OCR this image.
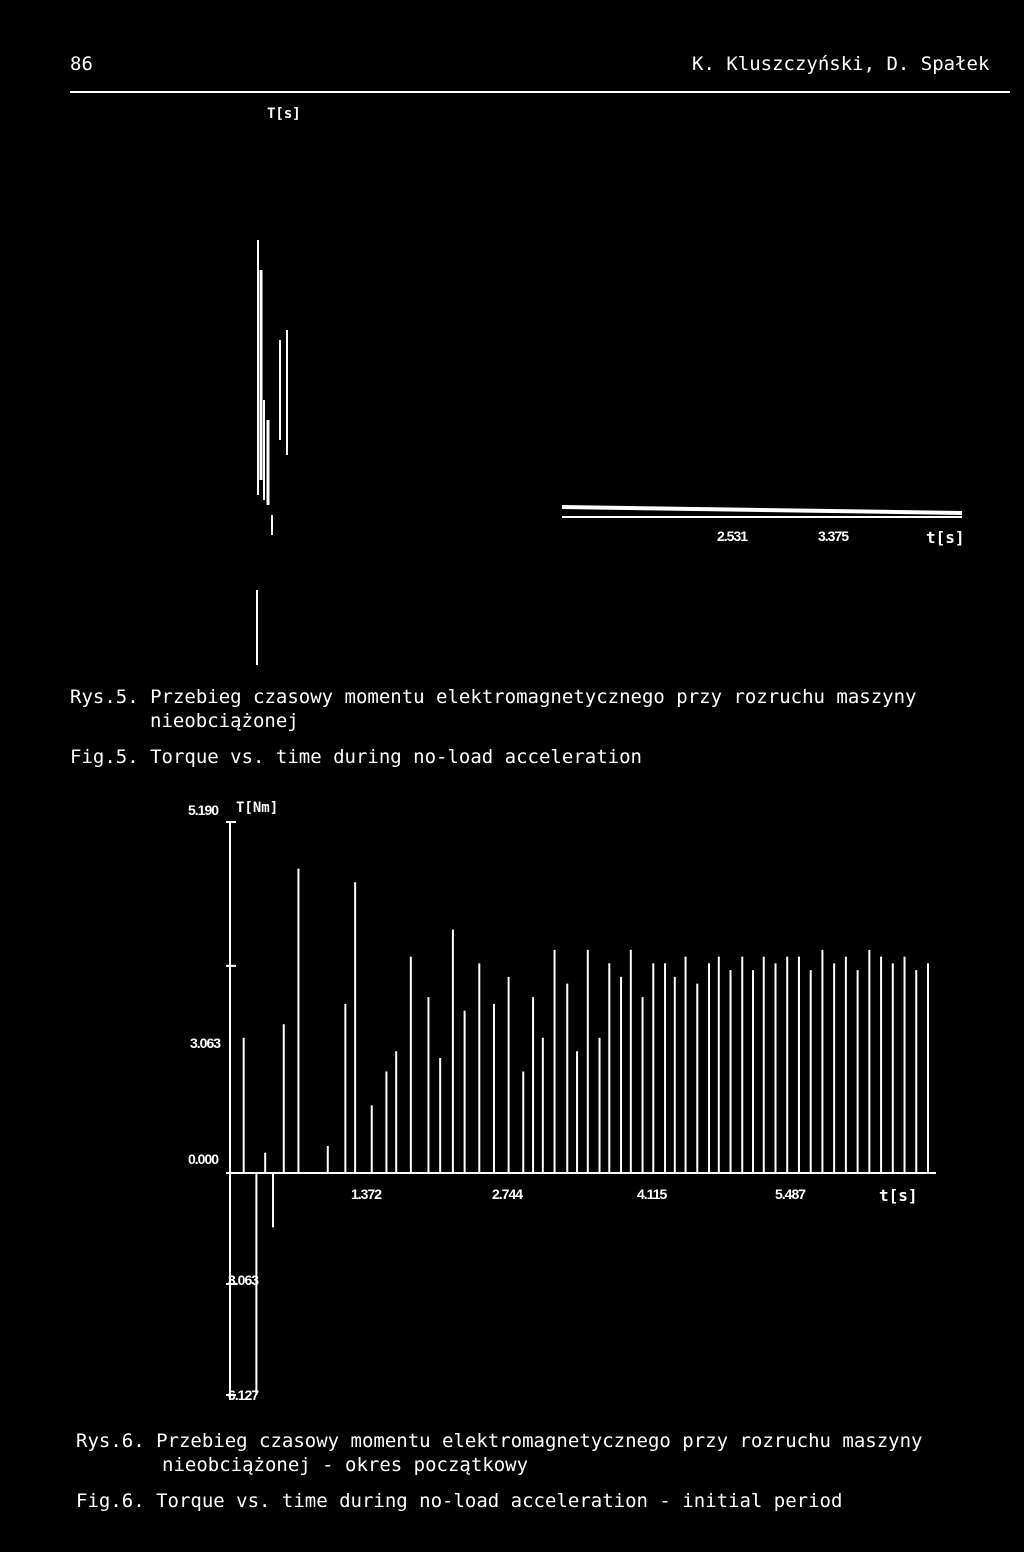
86	K. Kluszczyński, D. Spałek
T[s]
2.531	3.375	t[s]
Rys.5. Przebieg czasowy momentu elektromagnetycznego przy rozruchu maszyny
nieobciążonej
Fig.5. Torque vs. time during no-load acceleration
5.190 T[Nm]
3.063
0.000
3.063
6.127
1.372	2.744	4.115	5.487	t[s]
Rys.6. Przebieg czasowy momentu elektromagnetycznego przy rozruchu maszyny
nieobciążonej - okres początkowy
Fig.6. Torque vs. time during no-load acceleration - initial period
